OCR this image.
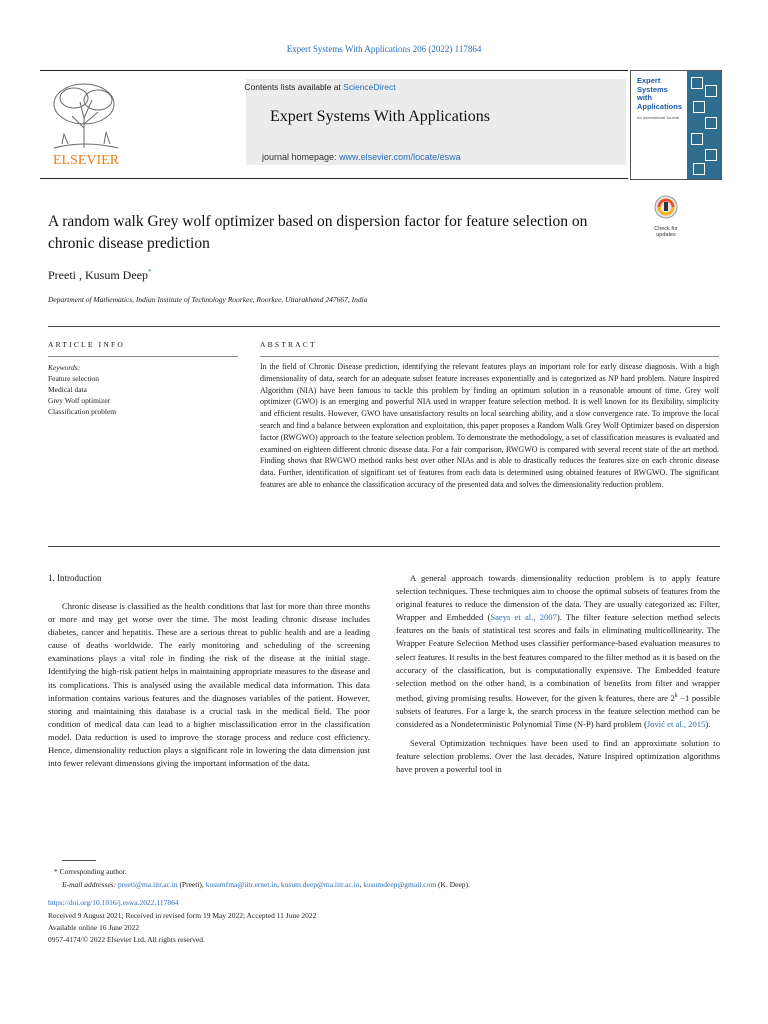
Expert Systems With Applications 206 (2022) 117864
ELSEVIER
Contents lists available at ScienceDirect
Expert Systems With Applications
journal homepage: www.elsevier.com/locate/eswa
Expert Systems with Applications
An International Journal
A random walk Grey wolf optimizer based on dispersion factor for feature selection on chronic disease prediction
Check for updates
Preeti , Kusum Deep*
Department of Mathematics, Indian Institute of Technology Roorkee, Roorkee, Uttarakhand 247667, India
ARTICLE INFO
Keywords:
Feature selection
Medical data
Grey Wolf optimizer
Classification problem
ABSTRACT
In the field of Chronic Disease prediction, identifying the relevant features plays an important role for early disease diagnosis. With a high dimensionality of data, search for an adequate subset feature increases exponentially and is categorized as NP hard problem. Nature Inspired Algorithm (NIA) have been famous to tackle this problem by finding an optimum solution in a reasonable amount of time. Grey wolf optimizer (GWO) is an emerging and powerful NIA used in wrapper feature selection method. It is well known for its flexibility, simplicity and efficient results. However, GWO have unsatisfactory results on local searching ability, and a slow convergence rate. To improve the local search and find a balance between exploration and exploitation, this paper proposes a Random Walk Grey Wolf Optimizer based on dispersion factor (RWGWO) approach to the feature selection problem. To demonstrate the methodology, a set of classification measures is evaluated and examined on eighteen different chronic disease data. For a fair comparison, RWGWO is compared with several recent state of the art method. Finding shows that RWGWO method ranks best over other NIAs and is able to drastically reduces the features size on each chronic disease data. Further, identification of significant set of features from each data is determined using obtained features of RWGWO. The significant features are able to enhance the classification accuracy of the presented data and solves the dimensionality reduction problem.
1. Introduction

Chronic disease is classified as the health conditions that last for more than three months or more and may get worse over the time. The most leading chronic disease includes diabetes, cancer and hepatitis. These are a serious threat to public health and are a leading cause of deaths worldwide. The early monitoring and scheduling of the screening examinations plays a vital role in finding the risk of the disease at the initial stage. Identifying the high-risk patient helps in maintaining appropriate measures to the disease and its complications. This is analysed using the available medical data information. This data information contains various features and the diagnoses variables of the patient. However, storing and maintaining this database is a crucial task in the medical field. The poor condition of medical data can lead to a higher misclassification error in the classification model. Data reduction is used to improve the storage process and reduce cost efficiency. Hence, dimensionality reduction plays a significant role in lowering the data dimension just into fewer relevant dimensions giving the important information of the data.

A general approach towards dimensionality reduction problem is to apply feature selection techniques. These techniques aim to choose the optimal subsets of features from the original features to reduce the dimension of the data. They are usually categorized as: Filter, Wrapper and Embedded (Saeys et al., 2007). The filter feature selection method selects features on the basis of statistical test scores and fails in eliminating multicollinearity. The Wrapper Feature Selection Method uses classifier performance-based evaluation measures to select features. It results in the best features compared to the filter method as it is based on the accuracy of the classification, but is computationally expensive. The Embedded feature selection method on the other hand, is a combination of benefits from filter and wrapper method, giving promising results. However, for the given k features, there are $2^k -1$ possible subsets of features. For a large k, the search process in the feature selection method can be considered as a Nondeterministic Polynomial Time (N-P) hard problem (Jović et al., 2015).

Several Optimization techniques have been used to find an approximate solution to feature selection problems. Over the last decades, Nature Inspired optimization algorithms have proven a powerful tool in

* Corresponding author.
E-mail addresses: preeti@ma.iitr.ac.in (Preeti), kusumfma@iitr.ernet.in, kusum.deep@ma.iitr.ac.in, kusumdeep@gmail.com (K. Deep).
https://doi.org/10.1016/j.eswa.2022.117864
Received 9 August 2021; Received in revised form 19 May 2022; Accepted 11 June 2022
Available online 16 June 2022
0957-4174/© 2022 Elsevier Ltd. All rights reserved.
